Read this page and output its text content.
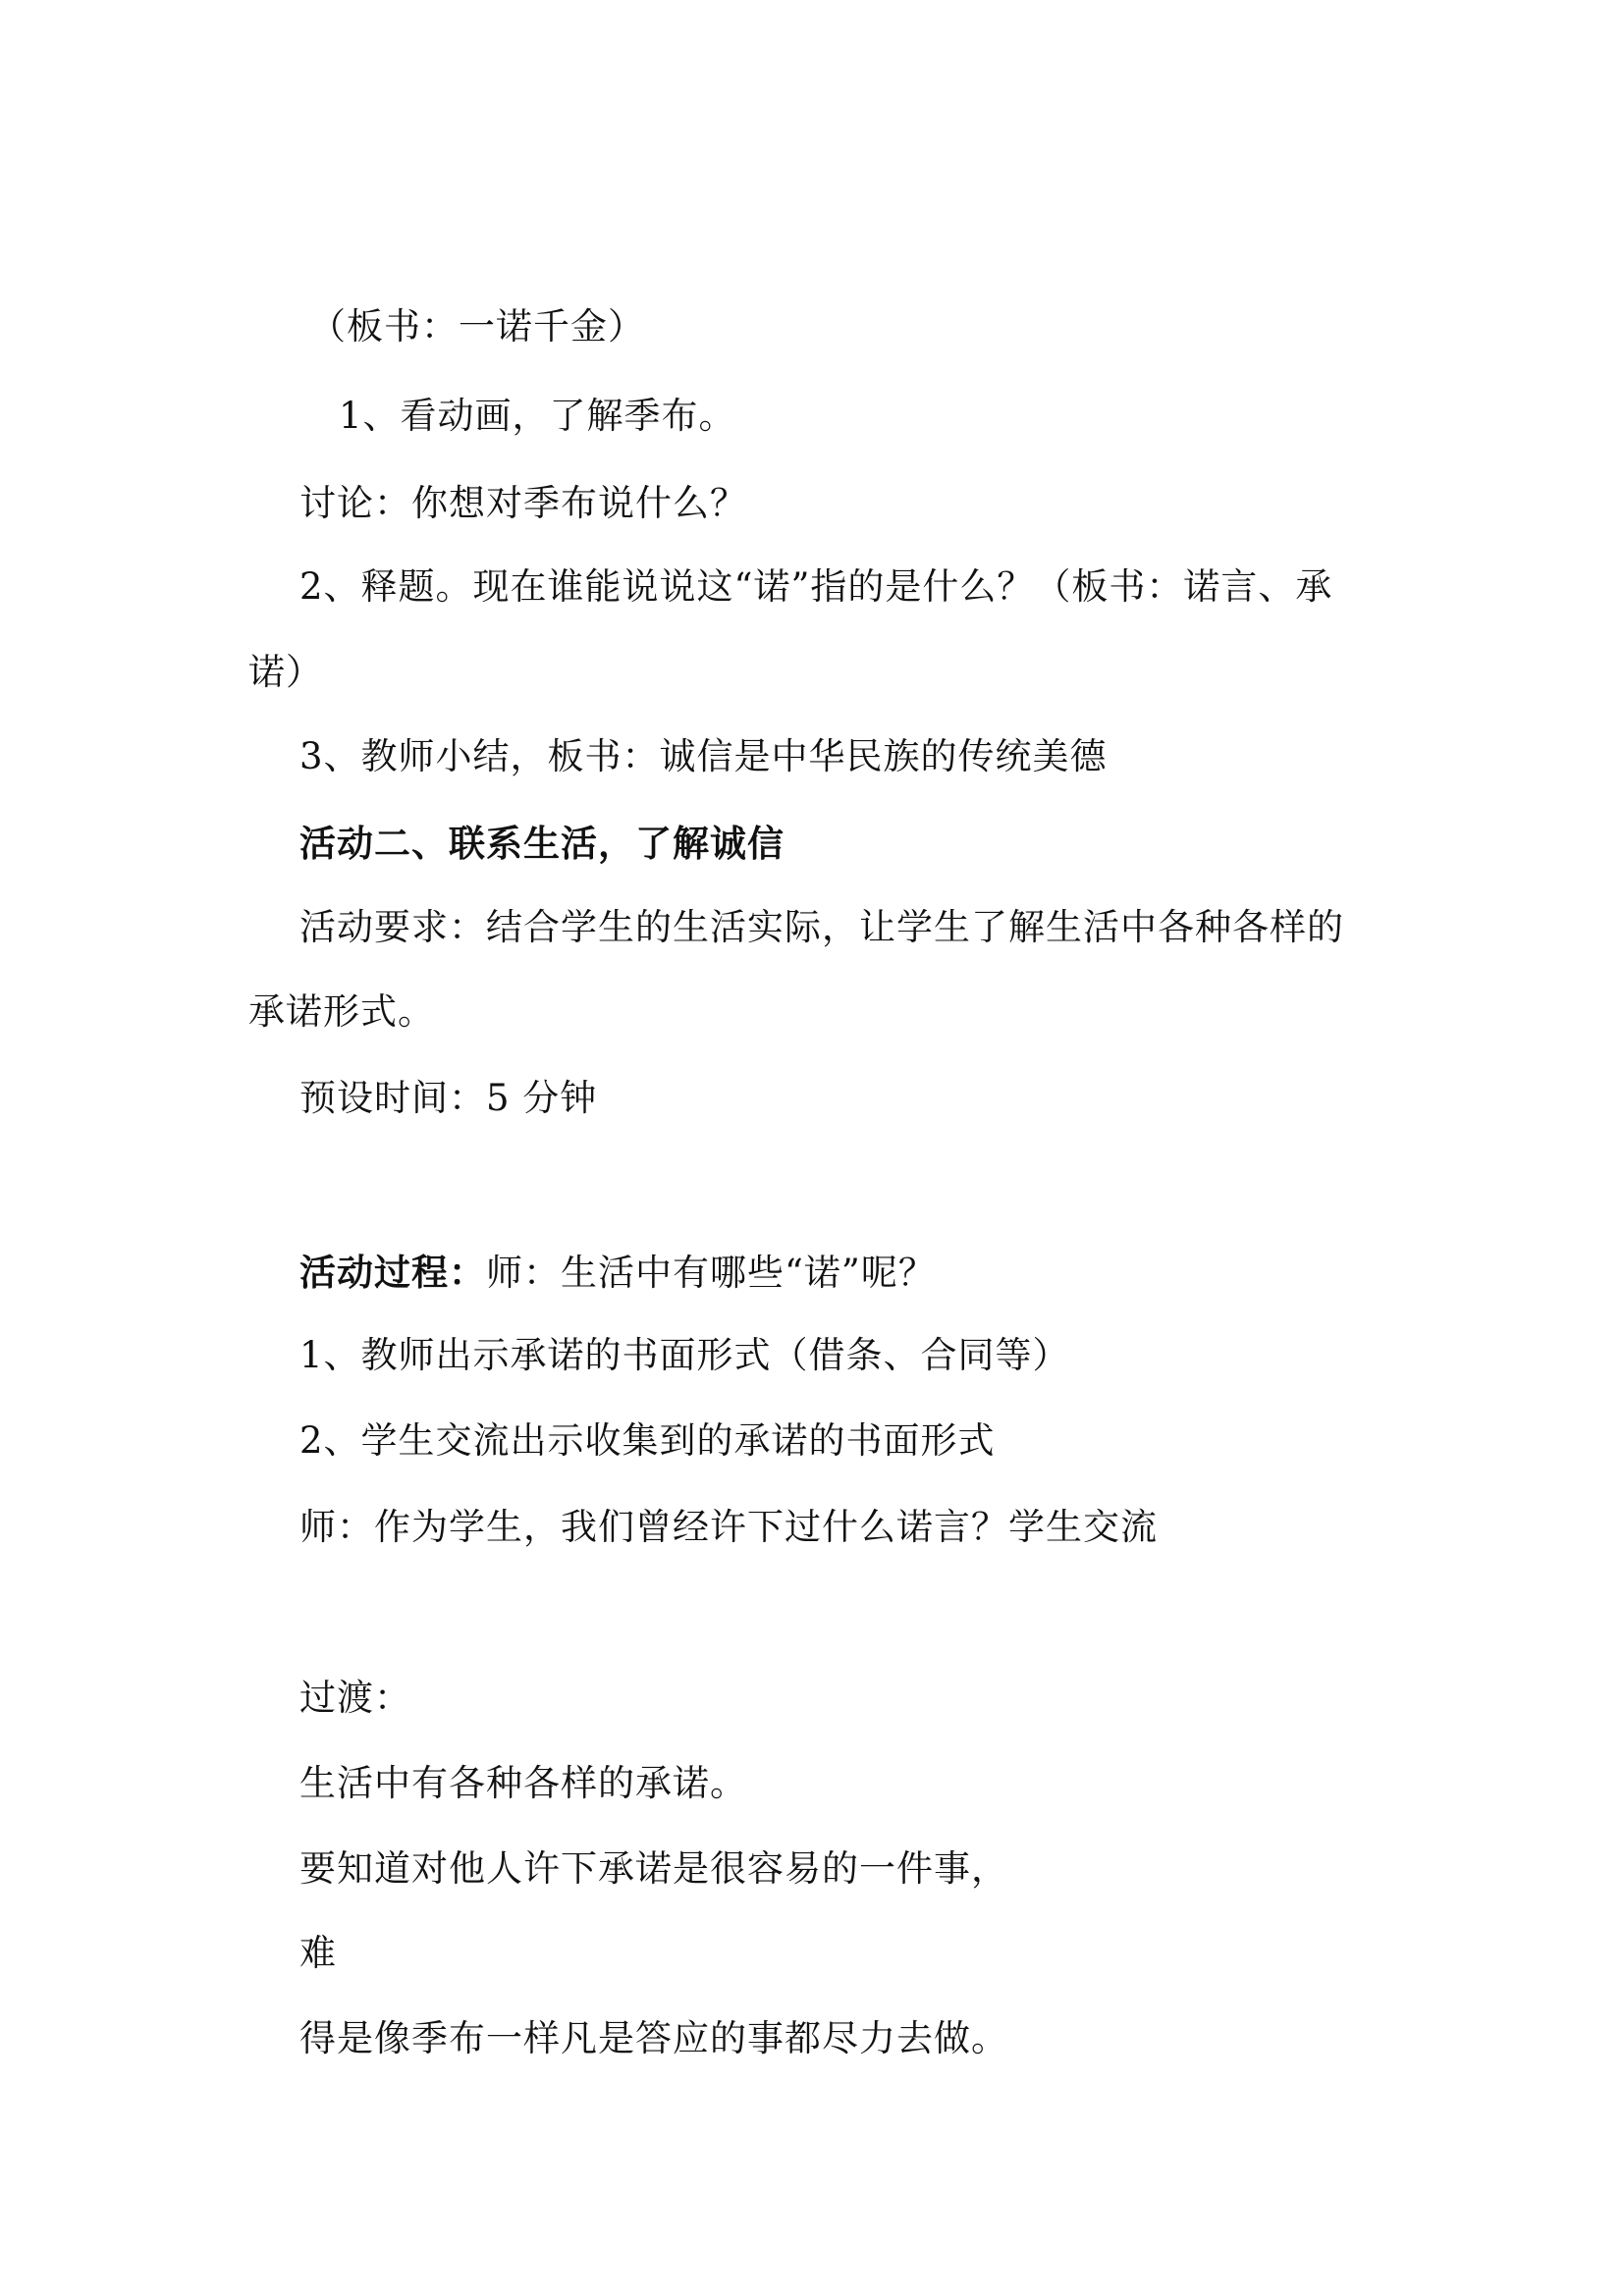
（板书：一诺千金）
1、看动画，了解季布。
讨论：你想对季布说什么？
2、释题。现在谁能说说这“诺”指的是什么？（板书：诺言、承
诺）
3、教师小结，板书：诚信是中华民族的传统美德
活动二、联系生活，了解诚信
活动要求：结合学生的生活实际，让学生了解生活中各种各样的
承诺形式。
预设时间：5 分钟
活动过程：师：生活中有哪些“诺”呢？
1、教师出示承诺的书面形式（借条、合同等）
2、学生交流出示收集到的承诺的书面形式
师：作为学生，我们曾经许下过什么诺言？学生交流
过渡：
生活中有各种各样的承诺。
要知道对他人许下承诺是很容易的一件事，
难
得是像季布一样凡是答应的事都尽力去做。
